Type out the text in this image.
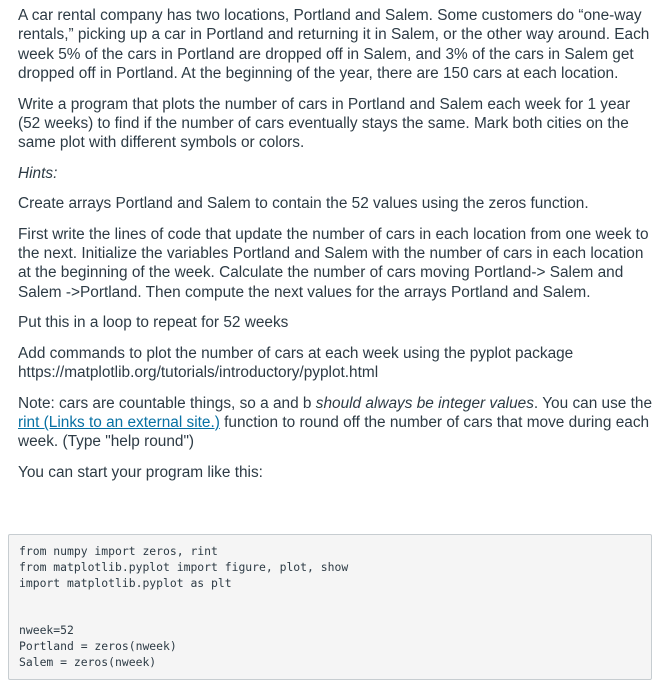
A car rental company has two locations, Portland and Salem. Some customers do “one-way rentals,” picking up a car in Portland and returning it in Salem, or the other way around. Each week 5% of the cars in Portland are dropped off in Salem, and 3% of the cars in Salem get dropped off in Portland. At the beginning of the year, there are 150 cars at each location.

Write a program that plots the number of cars in Portland and Salem each week for 1 year (52 weeks) to find if the number of cars eventually stays the same. Mark both cities on the same plot with different symbols or colors.

Hints:

Create arrays Portland and Salem to contain the 52 values using the zeros function.

First write the lines of code that update the number of cars in each location from one week to the next. Initialize the variables Portland and Salem with the number of cars in each location at the beginning of the week. Calculate the number of cars moving Portland-> Salem and Salem ->Portland. Then compute the next values for the arrays Portland and Salem.

Put this in a loop to repeat for 52 weeks

Add commands to plot the number of cars at each week using the pyplot package
https://matplotlib.org/tutorials/introductory/pyplot.html

Note: cars are countable things, so a and b should always be integer values. You can use the rint (Links to an external site.) function to round off the number of cars that move during each week. (Type "help round")

You can start your program like this:

from numpy import zeros, rint
from matplotlib.pyplot import figure, plot, show
import matplotlib.pyplot as plt
nweek=52
Portland = zeros(nweek)
Salem = zeros(nweek)
